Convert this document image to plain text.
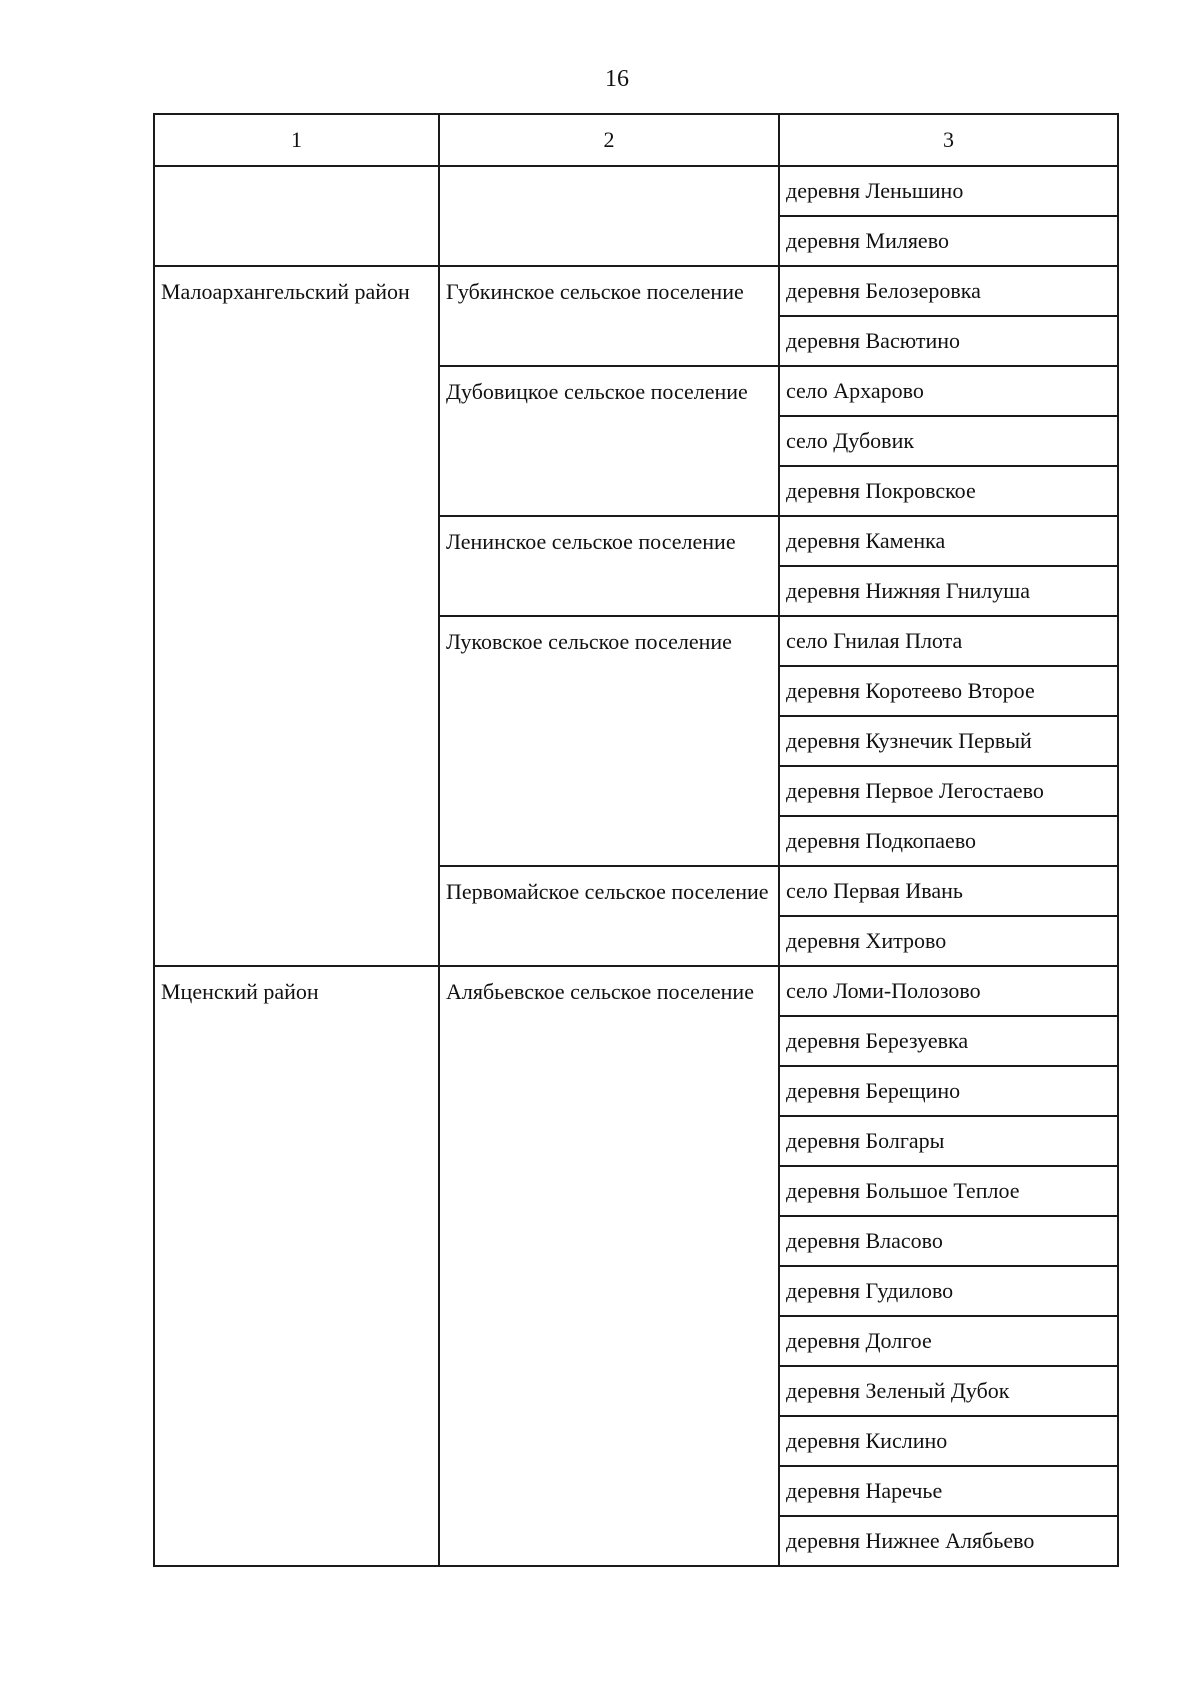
16
1	2	3
		деревня Леньшино
		деревня Миляево
Малоархангельский район	Губкинское сельское поселение	деревня Белозеровка
		деревня Васютино
	Дубовицкое сельское поселение	село Архарово
		село Дубовик
		деревня Покровское
	Ленинское сельское поселение	деревня Каменка
		деревня Нижняя Гнилуша
	Луковское сельское поселение	село Гнилая Плота
		деревня Коротеево Второе
		деревня Кузнечик Первый
		деревня Первое Легостаево
		деревня Подкопаево
	Первомайское сельское поселение	село Первая Ивань
		деревня Хитрово
Мценский район	Алябьевское сельское поселение	село Ломи-Полозово
		деревня Березуевка
		деревня Берещино
		деревня Болгары
		деревня Большое Теплое
		деревня Власово
		деревня Гудилово
		деревня Долгое
		деревня Зеленый Дубок
		деревня Кислино
		деревня Наречье
		деревня Нижнее Алябьево
